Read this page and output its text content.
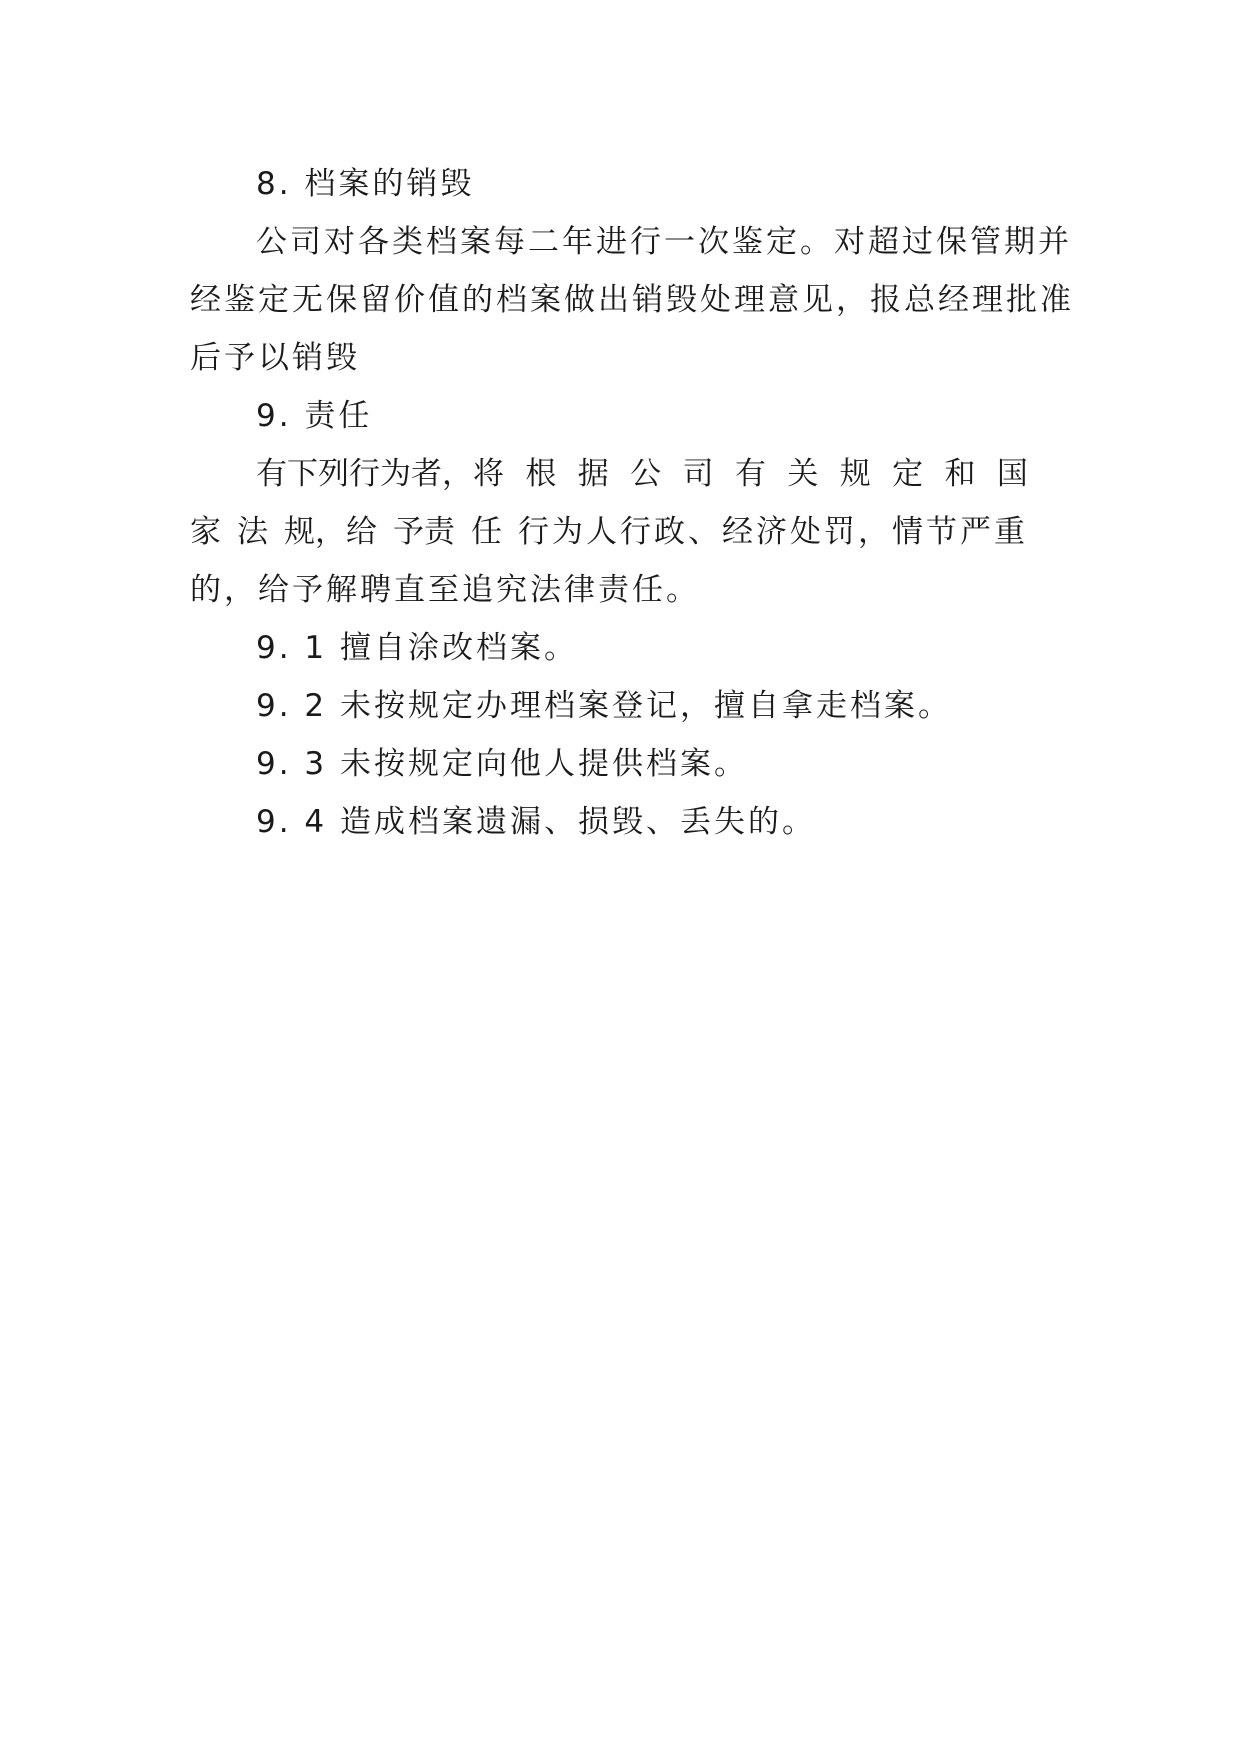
8. 档案的销毁
公司对各类档案每二年进行一次鉴定。对超过保管期并
经鉴定无保留价值的档案做出销毁处理意见，报总经理批准
后予以销毁
9. 责任
有下列行为者，将 根 据 公 司 有 关 规 定 和 国
家 法 规，给 予责 任 行为人行政、经济处罚，情节严重
的，给予解聘直至追究法律责任。
9. 1 擅自涂改档案。
9. 2 未按规定办理档案登记，擅自拿走档案。
9. 3 未按规定向他人提供档案。
9. 4 造成档案遗漏、损毁、丢失的。
